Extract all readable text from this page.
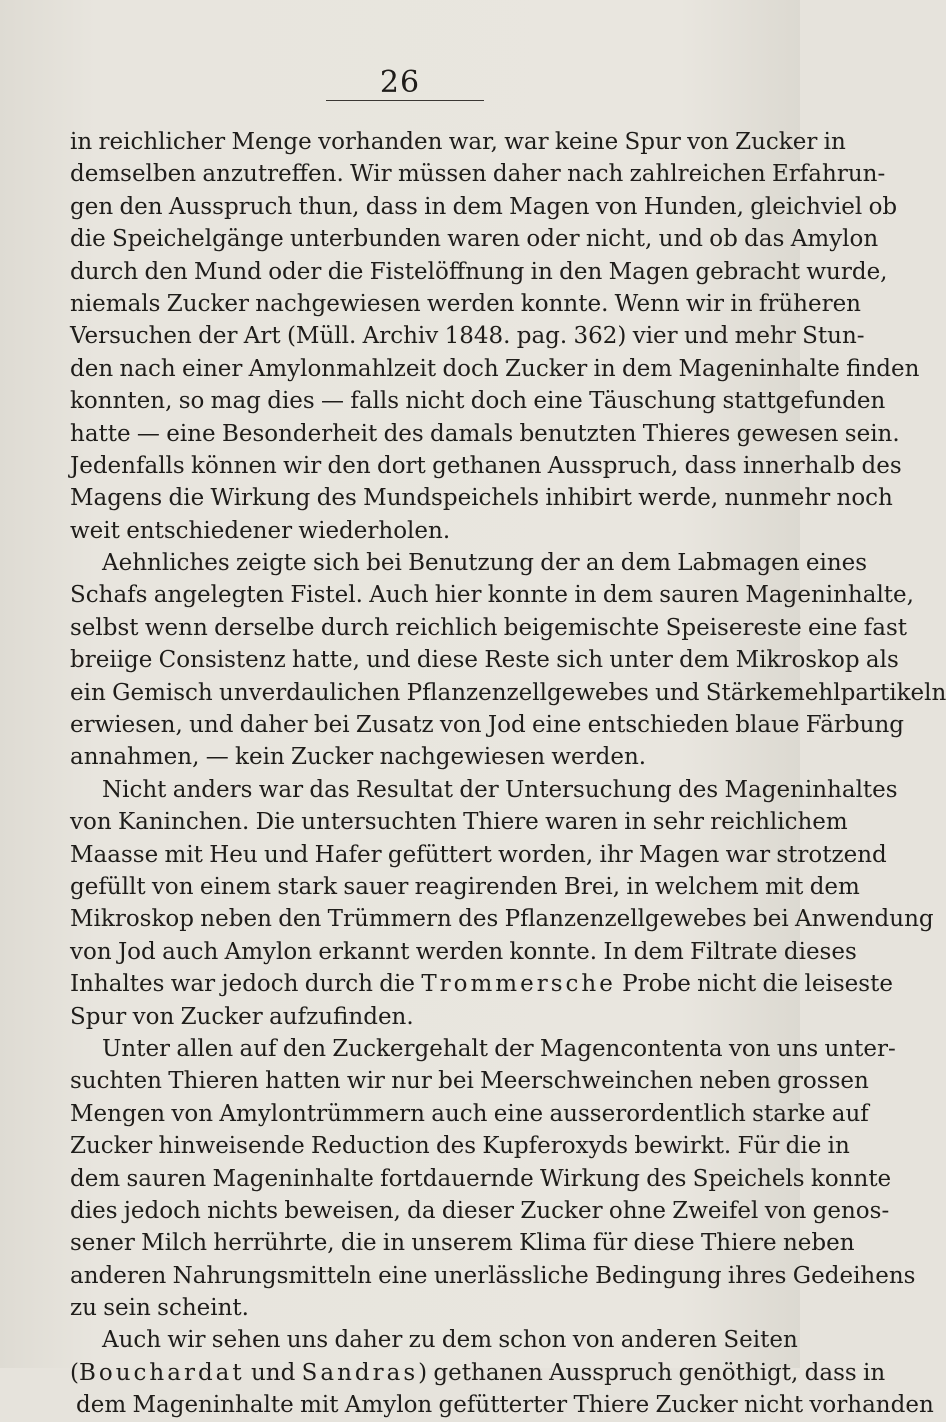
26
in reichlicher Menge vorhanden war, war keine Spur von Zucker in
demselben anzutreffen. Wir müssen daher nach zahlreichen Erfahrun-
gen den Ausspruch thun, dass in dem Magen von Hunden, gleichviel ob
die Speichelgänge unterbunden waren oder nicht, und ob das Amylon
durch den Mund oder die Fistelöffnung in den Magen gebracht wurde,
niemals Zucker nachgewiesen werden konnte. Wenn wir in früheren
Versuchen der Art (Müll. Archiv 1848. pag. 362) vier und mehr Stun-
den nach einer Amylonmahlzeit doch Zucker in dem Mageninhalte finden
konnten, so mag dies — falls nicht doch eine Täuschung stattgefunden
hatte — eine Besonderheit des damals benutzten Thieres gewesen sein.
Jedenfalls können wir den dort gethanen Ausspruch, dass innerhalb des
Magens die Wirkung des Mundspeichels inhibirt werde, nunmehr noch
weit entschiedener wiederholen.
Aehnliches zeigte sich bei Benutzung der an dem Labmagen eines
Schafs angelegten Fistel. Auch hier konnte in dem sauren Mageninhalte,
selbst wenn derselbe durch reichlich beigemischte Speisereste eine fast
breiige Consistenz hatte, und diese Reste sich unter dem Mikroskop als
ein Gemisch unverdaulichen Pflanzenzellgewebes und Stärkemehlpartikeln
erwiesen, und daher bei Zusatz von Jod eine entschieden blaue Färbung
annahmen, — kein Zucker nachgewiesen werden.
Nicht anders war das Resultat der Untersuchung des Mageninhaltes
von Kaninchen. Die untersuchten Thiere waren in sehr reichlichem
Maasse mit Heu und Hafer gefüttert worden, ihr Magen war strotzend
gefüllt von einem stark sauer reagirenden Brei, in welchem mit dem
Mikroskop neben den Trümmern des Pflanzenzellgewebes bei Anwendung
von Jod auch Amylon erkannt werden konnte. In dem Filtrate dieses
Inhaltes war jedoch durch die Trommersche Probe nicht die leiseste
Spur von Zucker aufzufinden.
Unter allen auf den Zuckergehalt der Magencontenta von uns unter-
suchten Thieren hatten wir nur bei Meerschweinchen neben grossen
Mengen von Amylontrümmern auch eine ausserordentlich starke auf
Zucker hinweisende Reduction des Kupferoxyds bewirkt. Für die in
dem sauren Mageninhalte fortdauernde Wirkung des Speichels konnte
dies jedoch nichts beweisen, da dieser Zucker ohne Zweifel von genos-
sener Milch herrührte, die in unserem Klima für diese Thiere neben
anderen Nahrungsmitteln eine unerlässliche Bedingung ihres Gedeihens
zu sein scheint.
Auch wir sehen uns daher zu dem schon von anderen Seiten
(Bouchardat und Sandras) gethanen Ausspruch genöthigt, dass in
dem Mageninhalte mit Amylon gefütterter Thiere Zucker nicht vorhanden
